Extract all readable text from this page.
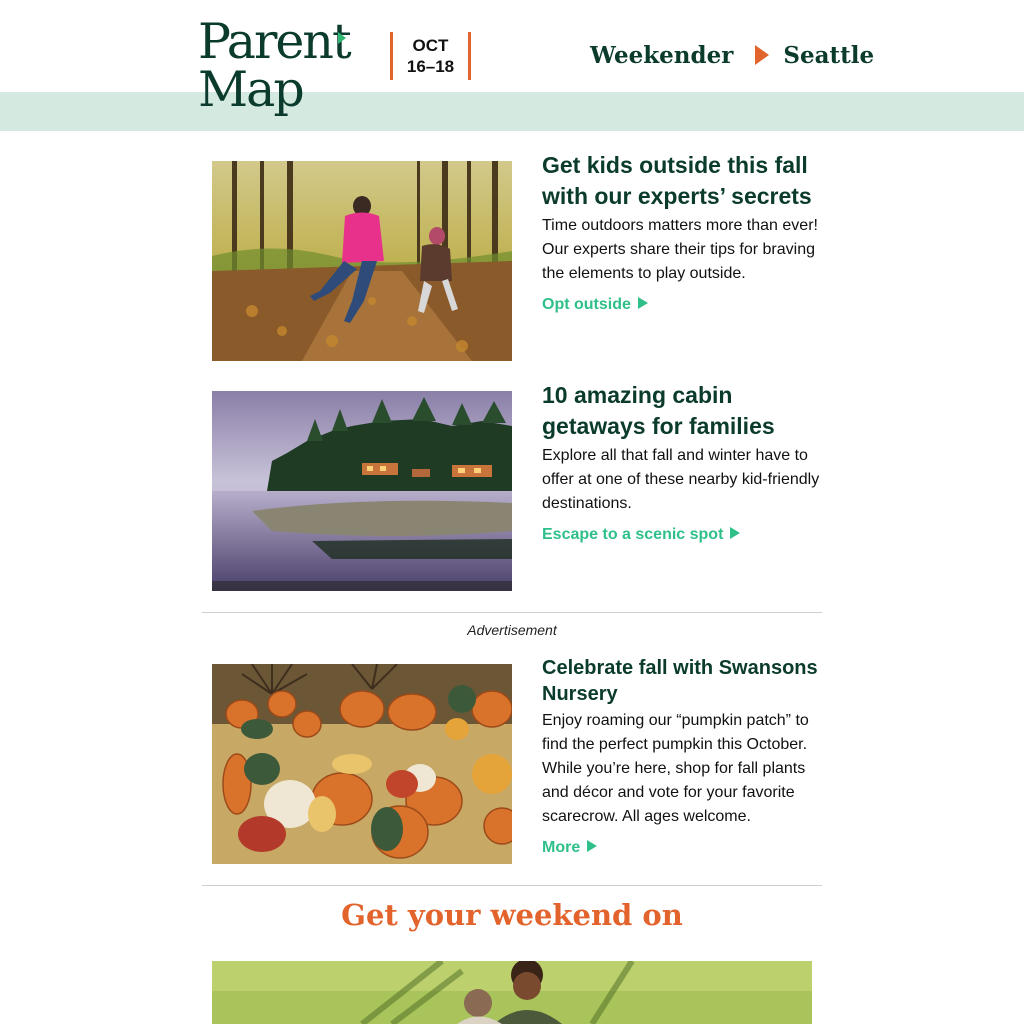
Parent
Map
OCT
16–18	Weekender Seattle
Get kids outside this fall with our experts’ secrets
Time outdoors matters more than ever! Our experts share their tips for braving the elements to play outside.
Opt outside
10 amazing cabin getaways for families
Explore all that fall and winter have to offer at one of these nearby kid-friendly destinations.
Escape to a scenic spot
Advertisement
Celebrate fall with Swansons Nursery
Enjoy roaming our “pumpkin patch” to find the perfect pumpkin this October. While you’re here, shop for fall plants and décor and vote for your favorite scarecrow. All ages welcome.
More
Get your weekend on
